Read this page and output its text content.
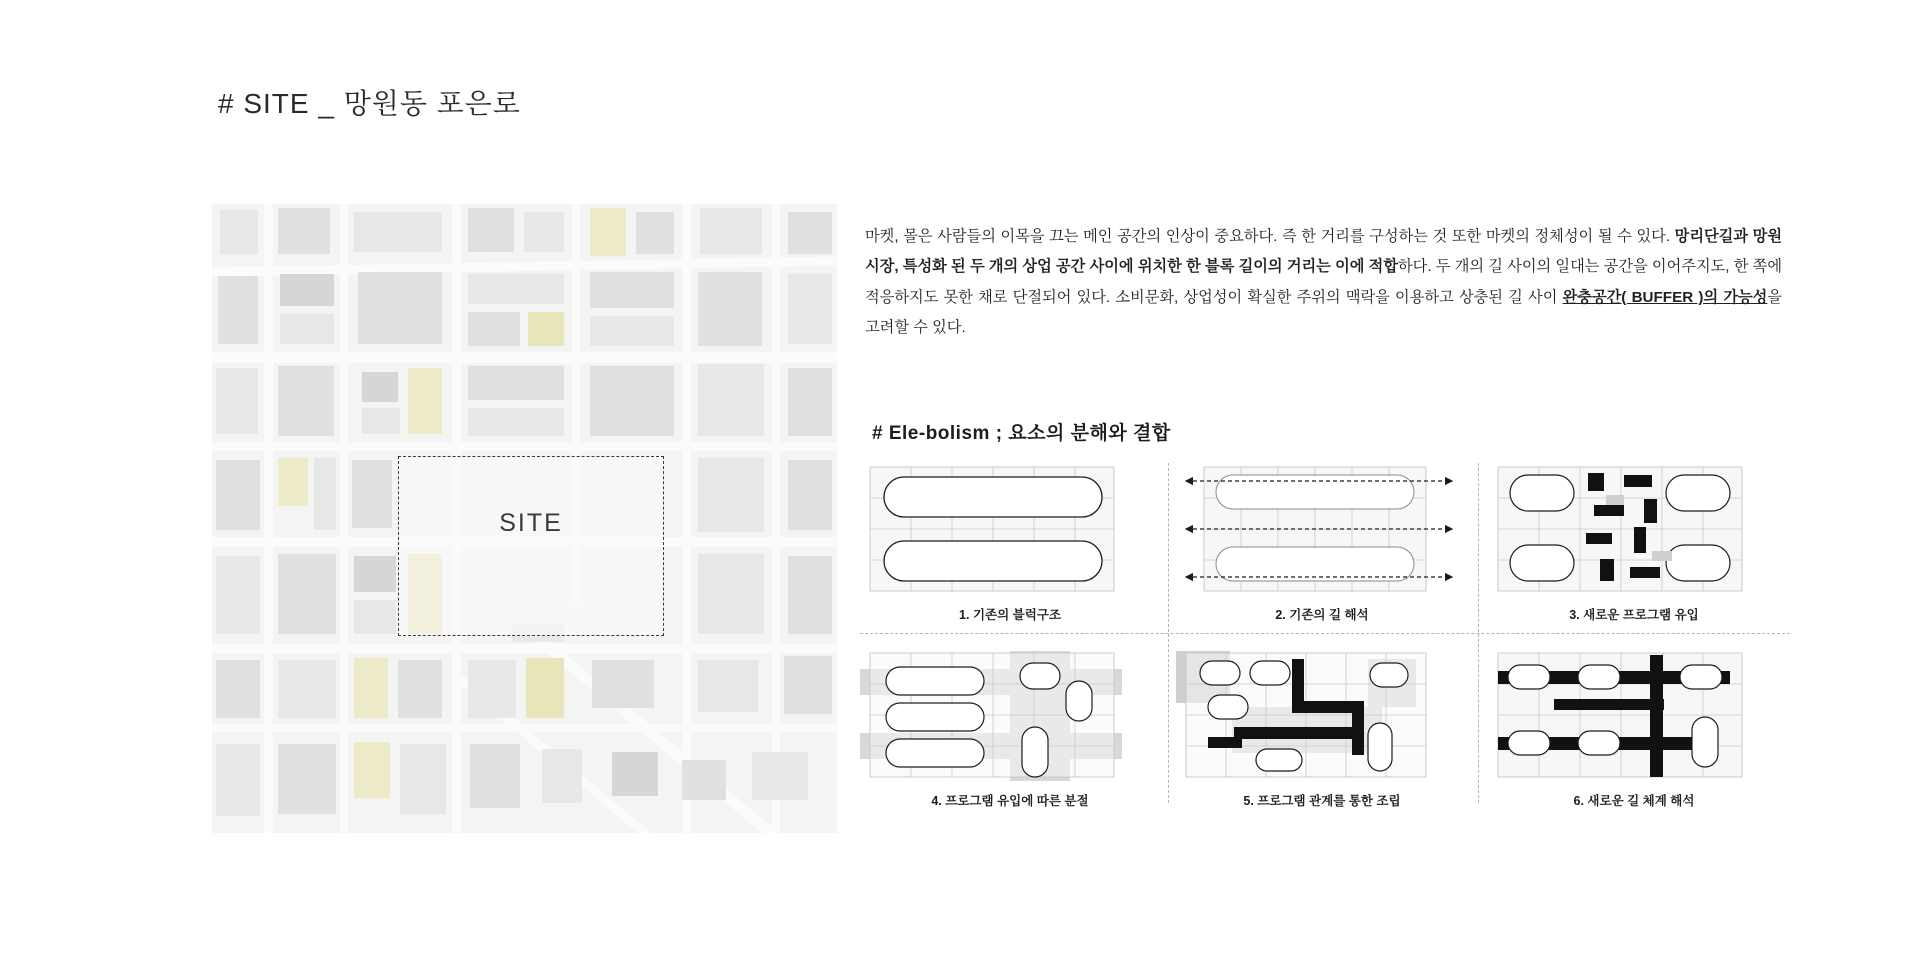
# SITE _ 망원동 포은로
SITE
마켓, 몰은 사람들의 이목을 끄는 메인 공간의 인상이 중요하다. 즉 한 거리를 구성하는 것 또한 마켓의 정체성이 될 수 있다. 망리단길과 망원시장, 특성화 된 두 개의 상업 공간 사이에 위치한 한 블록 길이의 거리는 이에 적합하다. 두 개의 길 사이의 일대는 공간을 이어주지도, 한 쪽에 적응하지도 못한 채로 단절되어 있다. 소비문화, 상업성이 확실한 주위의 맥락을 이용하고 상충된 길 사이 완충공간( BUFFER )의 가능성을 고려할 수 있다.
# Ele-bolism ; 요소의 분해와 결합
1. 기존의 블럭구조	2. 기존의 길 해석	3. 새로운 프로그램 유입
4. 프로그램 유입에 따른 분절	5. 프로그램 관계를 통한 조립	6. 새로운 길 체계 해석
